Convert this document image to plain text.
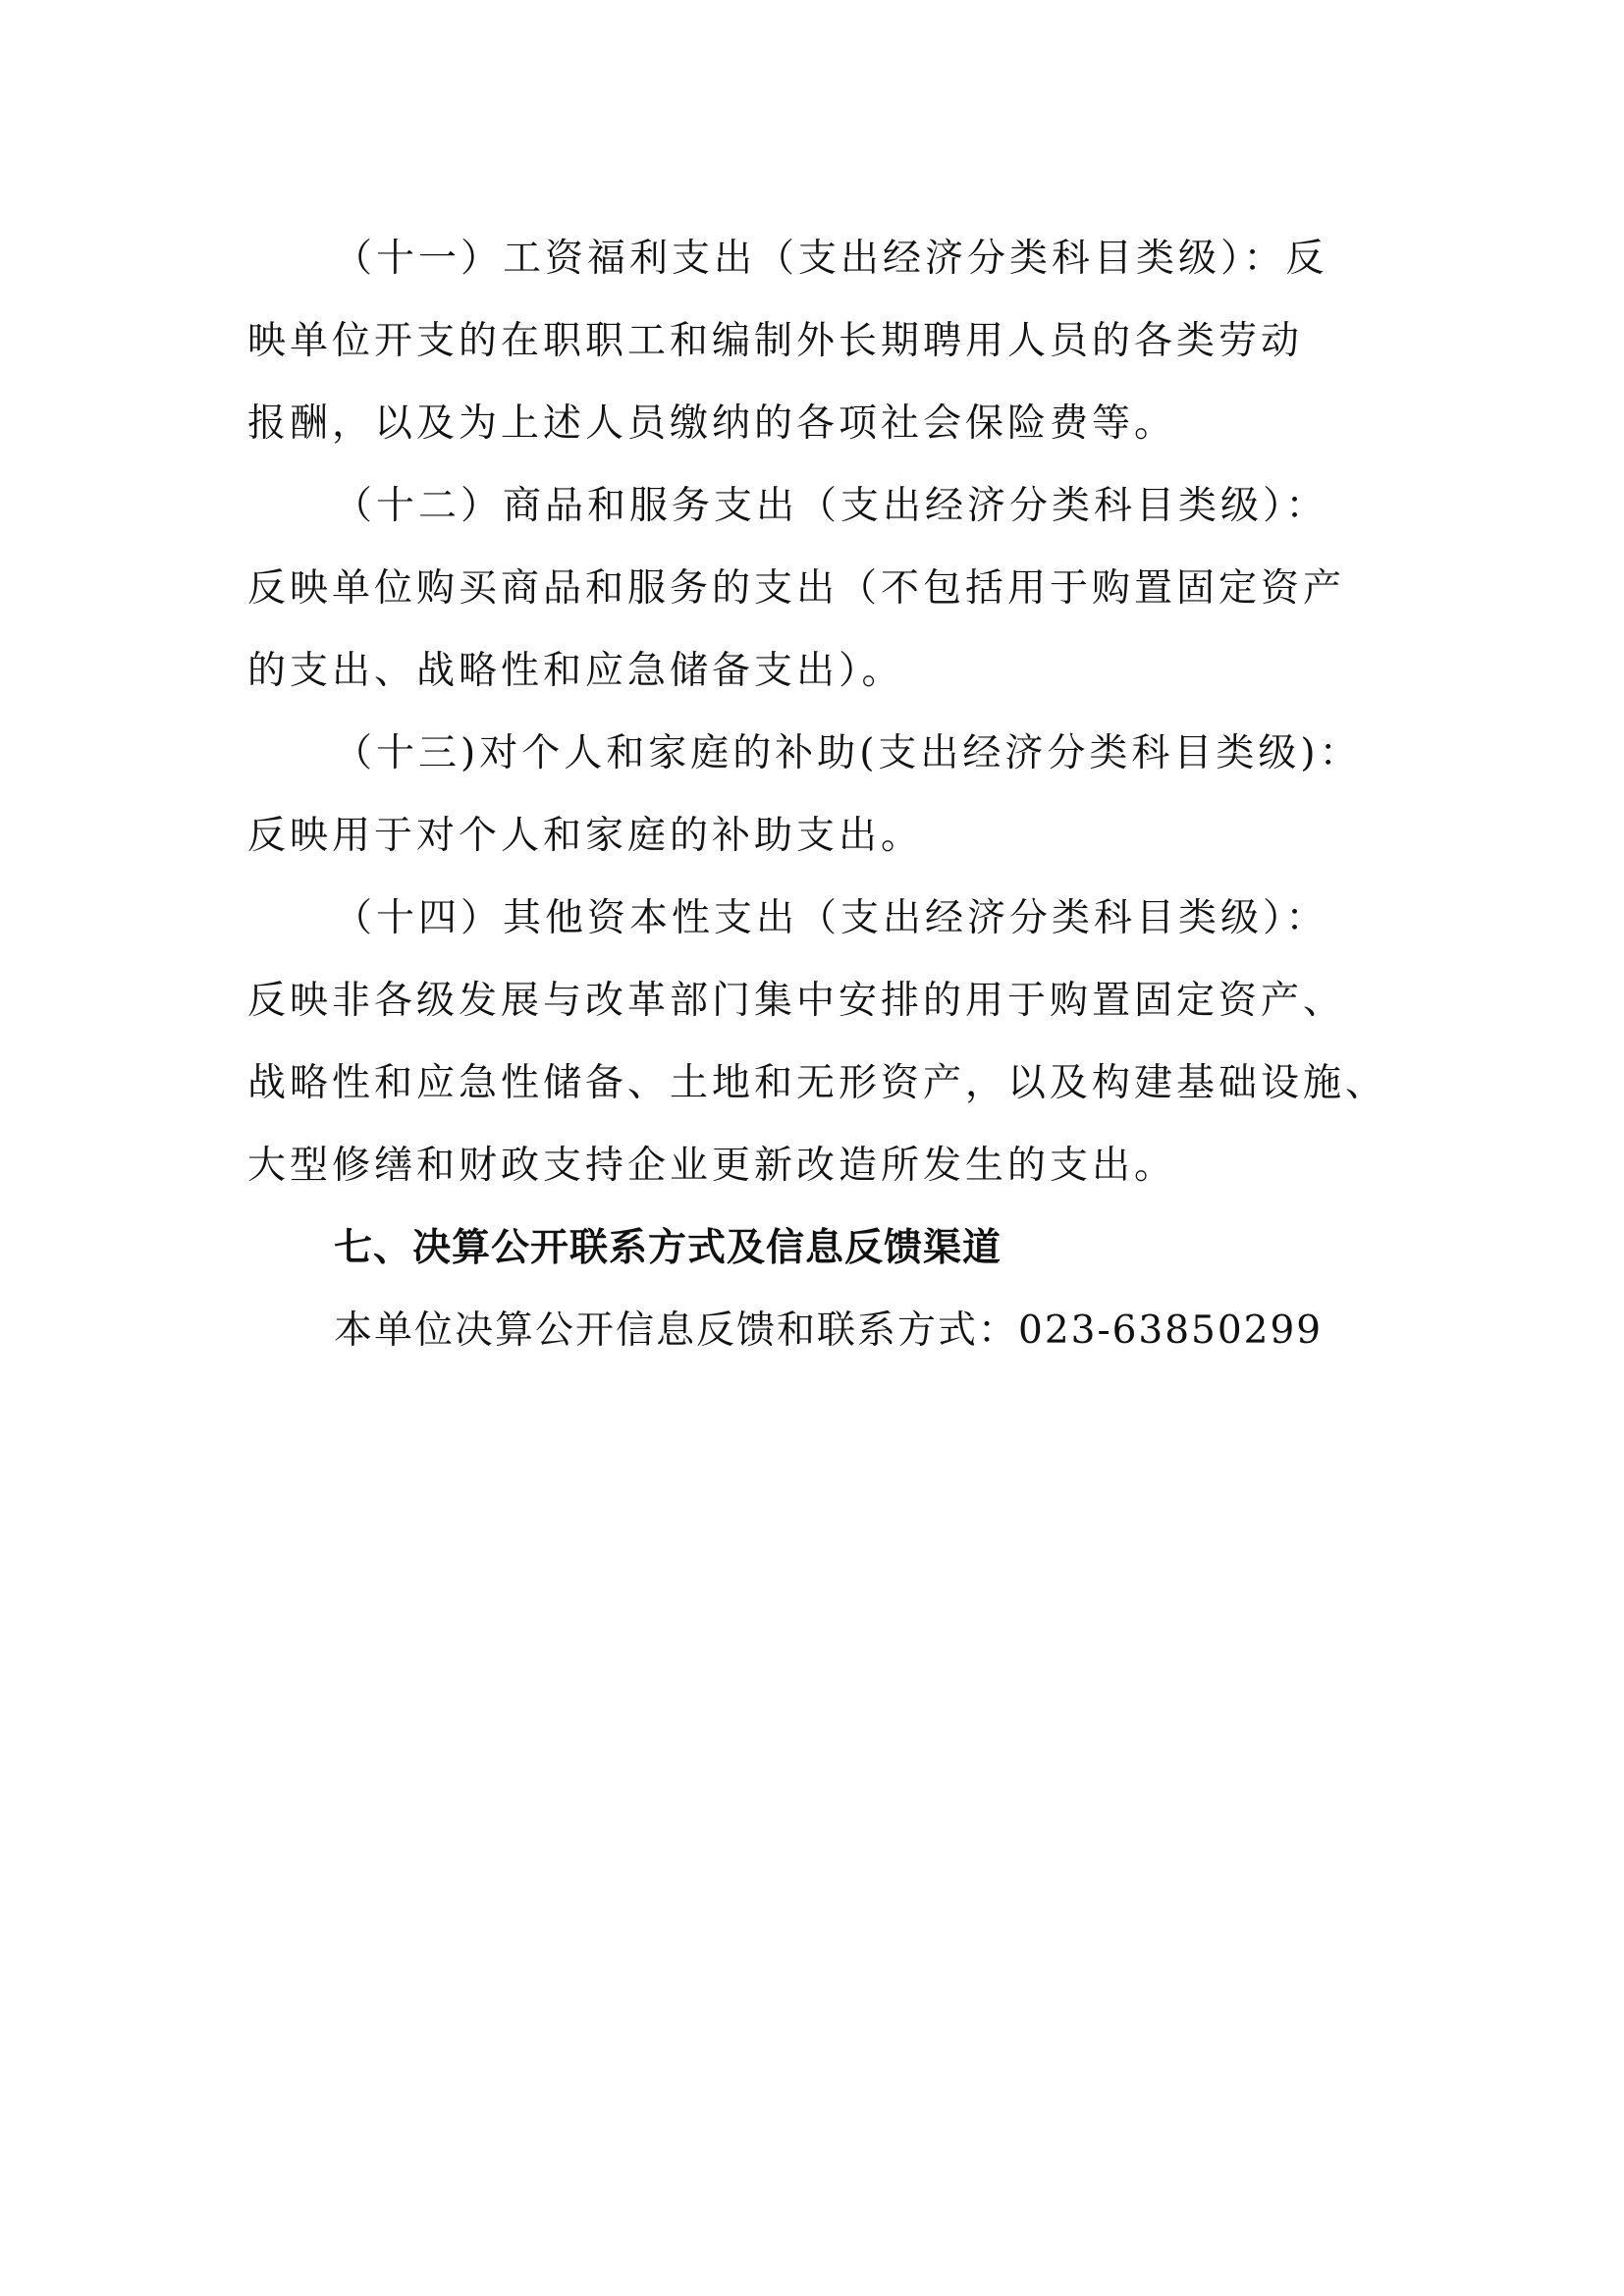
（十一）工资福利支出（支出经济分类科目类级）：反
映单位开支的在职职工和编制外长期聘用人员的各类劳动
报酬，以及为上述人员缴纳的各项社会保险费等。
（十二）商品和服务支出（支出经济分类科目类级）：
反映单位购买商品和服务的支出（不包括用于购置固定资产
的支出、战略性和应急储备支出）。
（十三)对个人和家庭的补助(支出经济分类科目类级)：
反映用于对个人和家庭的补助支出。
（十四）其他资本性支出（支出经济分类科目类级）：
反映非各级发展与改革部门集中安排的用于购置固定资产、
战略性和应急性储备、土地和无形资产，以及构建基础设施、
大型修缮和财政支持企业更新改造所发生的支出。
七、决算公开联系方式及信息反馈渠道
本单位决算公开信息反馈和联系方式：023-63850299
